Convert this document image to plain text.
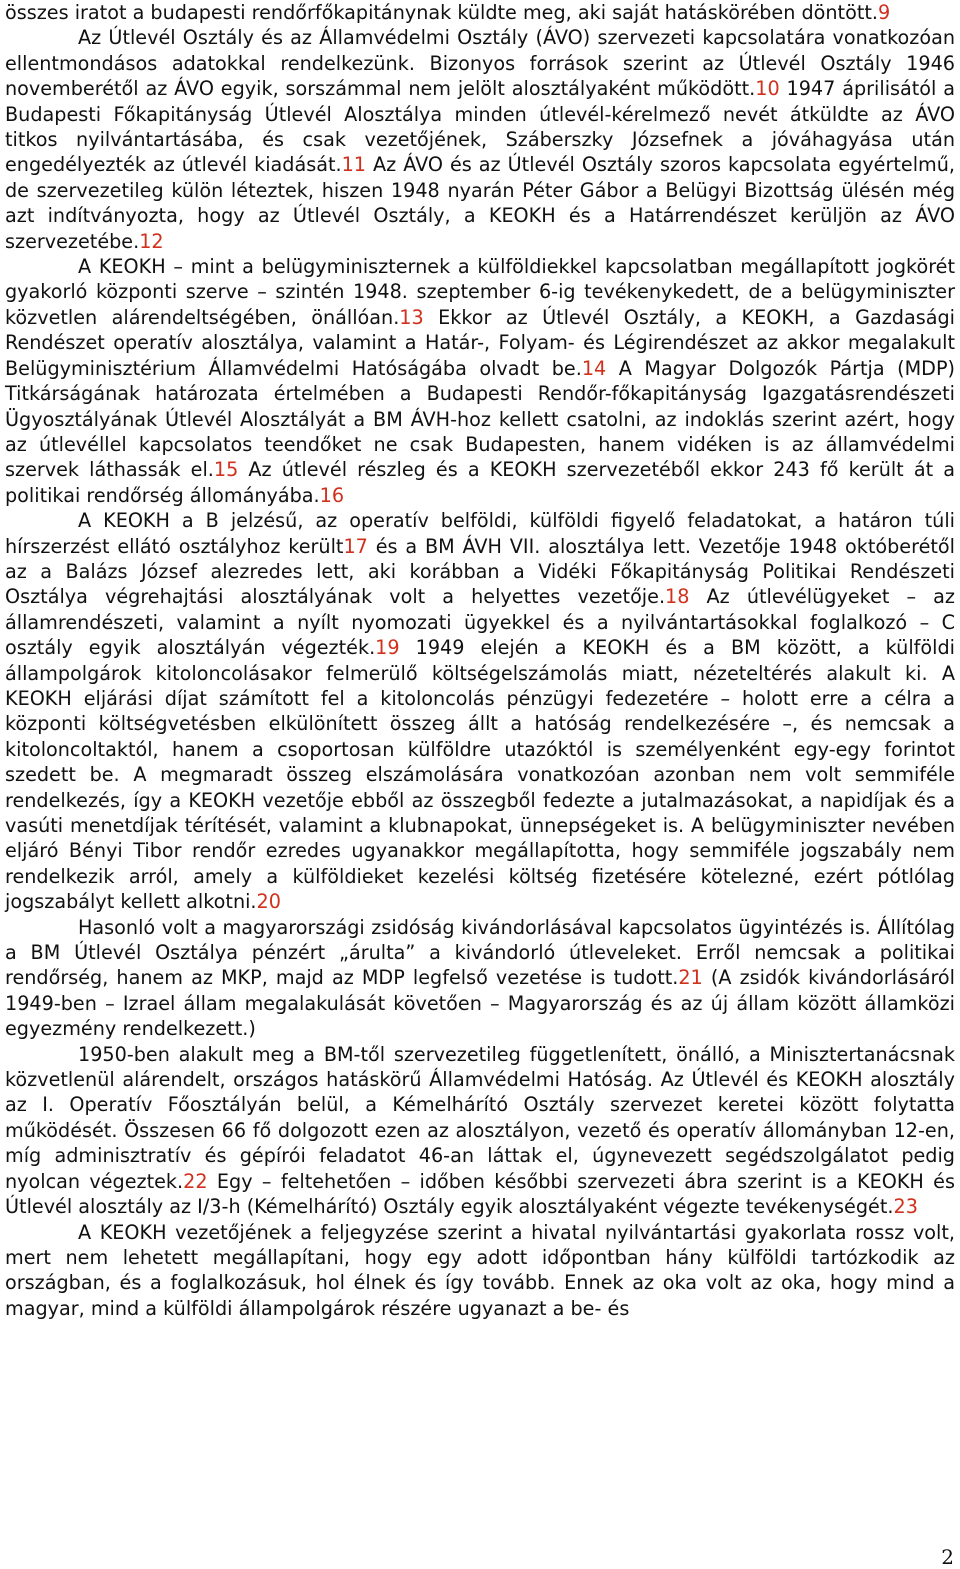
összes iratot a budapesti rendőrfőkapitánynak küldte meg, aki saját hatáskörében döntött.9

Az Útlevél Osztály és az Államvédelmi Osztály (ÁVO) szervezeti kapcsolatára vonatkozóan ellentmondásos adatokkal rendelkezünk. Bizonyos források szerint az Útlevél Osztály 1946 novemberétől az ÁVO egyik, sorszámmal nem jelölt alosztályaként működött.10 1947 áprilisától a Budapesti Főkapitányság Útlevél Alosztálya minden útlevél-kérelmező nevét átküldte az ÁVO titkos nyilvántartásába, és csak vezetőjének, Száberszky Józsefnek a jóváhagyása után engedélyezték az útlevél kiadását.11 Az ÁVO és az Útlevél Osztály szoros kapcsolata egyértelmű, de szervezetileg külön léteztek, hiszen 1948 nyarán Péter Gábor a Belügyi Bizottság ülésén még azt indítványozta, hogy az Útlevél Osztály, a KEOKH és a Határrendészet kerüljön az ÁVO szervezetébe.12

A KEOKH – mint a belügyminiszternek a külföldiekkel kapcsolatban megállapított jogkörét gyakorló központi szerve – szintén 1948. szeptember 6-ig tevékenykedett, de a belügyminiszter közvetlen alárendeltségében, önállóan.13 Ekkor az Útlevél Osztály, a KEOKH, a Gazdasági Rendészet operatív alosztálya, valamint a Határ-, Folyam- és Légirendészet az akkor megalakult Belügyminisztérium Államvédelmi Hatóságába olvadt be.14 A Magyar Dolgozók Pártja (MDP) Titkárságának határozata értelmében a Budapesti Rendőr-főkapitányság Igazgatásrendészeti Ügyosztályának Útlevél Alosztályát a BM ÁVH-hoz kellett csatolni, az indoklás szerint azért, hogy az útlevéllel kapcsolatos teendőket ne csak Budapesten, hanem vidéken is az államvédelmi szervek láthassák el.15 Az útlevél részleg és a KEOKH szervezetéből ekkor 243 fő került át a politikai rendőrség állományába.16

A KEOKH a B jelzésű, az operatív belföldi, külföldi figyelő feladatokat, a határon túli hírszerzést ellátó osztályhoz került17 és a BM ÁVH VII. alosztálya lett. Vezetője 1948 októberétől az a Balázs József alezredes lett, aki korábban a Vidéki Főkapitányság Politikai Rendészeti Osztálya végrehajtási alosztályának volt a helyettes vezetője.18 Az útlevélügyeket – az államrendészeti, valamint a nyílt nyomozati ügyekkel és a nyilvántartásokkal foglalkozó – C osztály egyik alosztályán végezték.19 1949 elején a KEOKH és a BM között, a külföldi állampolgárok kitoloncolásakor felmerülő költségelszámolás miatt, nézeteltérés alakult ki. A KEOKH eljárási díjat számított fel a kitoloncolás pénzügyi fedezetére – holott erre a célra a központi költségvetésben elkülönített összeg állt a hatóság rendelkezésére –, és nemcsak a kitoloncoltaktól, hanem a csoportosan külföldre utazóktól is személyenként egy-egy forintot szedett be. A megmaradt összeg elszámolására vonatkozóan azonban nem volt semmiféle rendelkezés, így a KEOKH vezetője ebből az összegből fedezte a jutalmazásokat, a napidíjak és a vasúti menetdíjak térítését, valamint a klubnapokat, ünnepségeket is. A belügyminiszter nevében eljáró Bényi Tibor rendőr ezredes ugyanakkor megállapította, hogy semmiféle jogszabály nem rendelkezik arról, amely a külföldieket kezelési költség fizetésére kötelezné, ezért pótlólag jogszabályt kellett alkotni.20

Hasonló volt a magyarországi zsidóság kivándorlásával kapcsolatos ügyintézés is. Állítólag a BM Útlevél Osztálya pénzért „árulta” a kivándorló útleveleket. Erről nemcsak a politikai rendőrség, hanem az MKP, majd az MDP legfelső vezetése is tudott.21 (A zsidók kivándorlásáról 1949-ben – Izrael állam megalakulását követően – Magyarország és az új állam között államközi egyezmény rendelkezett.)

1950-ben alakult meg a BM-től szervezetileg függetlenített, önálló, a Minisztertanácsnak közvetlenül alárendelt, országos hatáskörű Államvédelmi Hatóság. Az Útlevél és KEOKH alosztály az I. Operatív Főosztályán belül, a Kémelhárító Osztály szervezet keretei között folytatta működését. Összesen 66 fő dolgozott ezen az alosztályon, vezető és operatív állományban 12-en, míg adminisztratív és gépírói feladatot 46-an láttak el, úgynevezett segédszolgálatot pedig nyolcan végeztek.22 Egy – feltehetően – időben későbbi szervezeti ábra szerint is a KEOKH és Útlevél alosztály az I/3-h (Kémelhárító) Osztály egyik alosztályaként végezte tevékenységét.23

A KEOKH vezetőjének a feljegyzése szerint a hivatal nyilvántartási gyakorlata rossz volt, mert nem lehetett megállapítani, hogy egy adott időpontban hány külföldi tartózkodik az országban, és a foglalkozásuk, hol élnek és így tovább. Ennek az oka volt az oka, hogy mind a magyar, mind a külföldi állampolgárok részére ugyanazt a be- és

2
